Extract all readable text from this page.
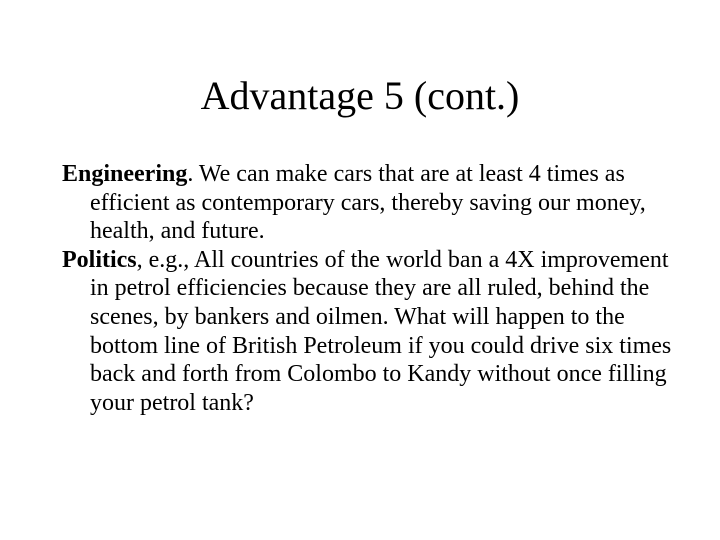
Advantage 5 (cont.)

Engineering. We can make cars that are at least 4 times as efficient as contemporary cars, thereby saving our money, health, and future.

Politics, e.g., All countries of the world ban a 4X improvement in petrol efficiencies because they are all ruled, behind the scenes, by bankers and oilmen. What will happen to the bottom line of British Petroleum if you could drive six times back and forth from Colombo to Kandy without once filling your petrol tank?
